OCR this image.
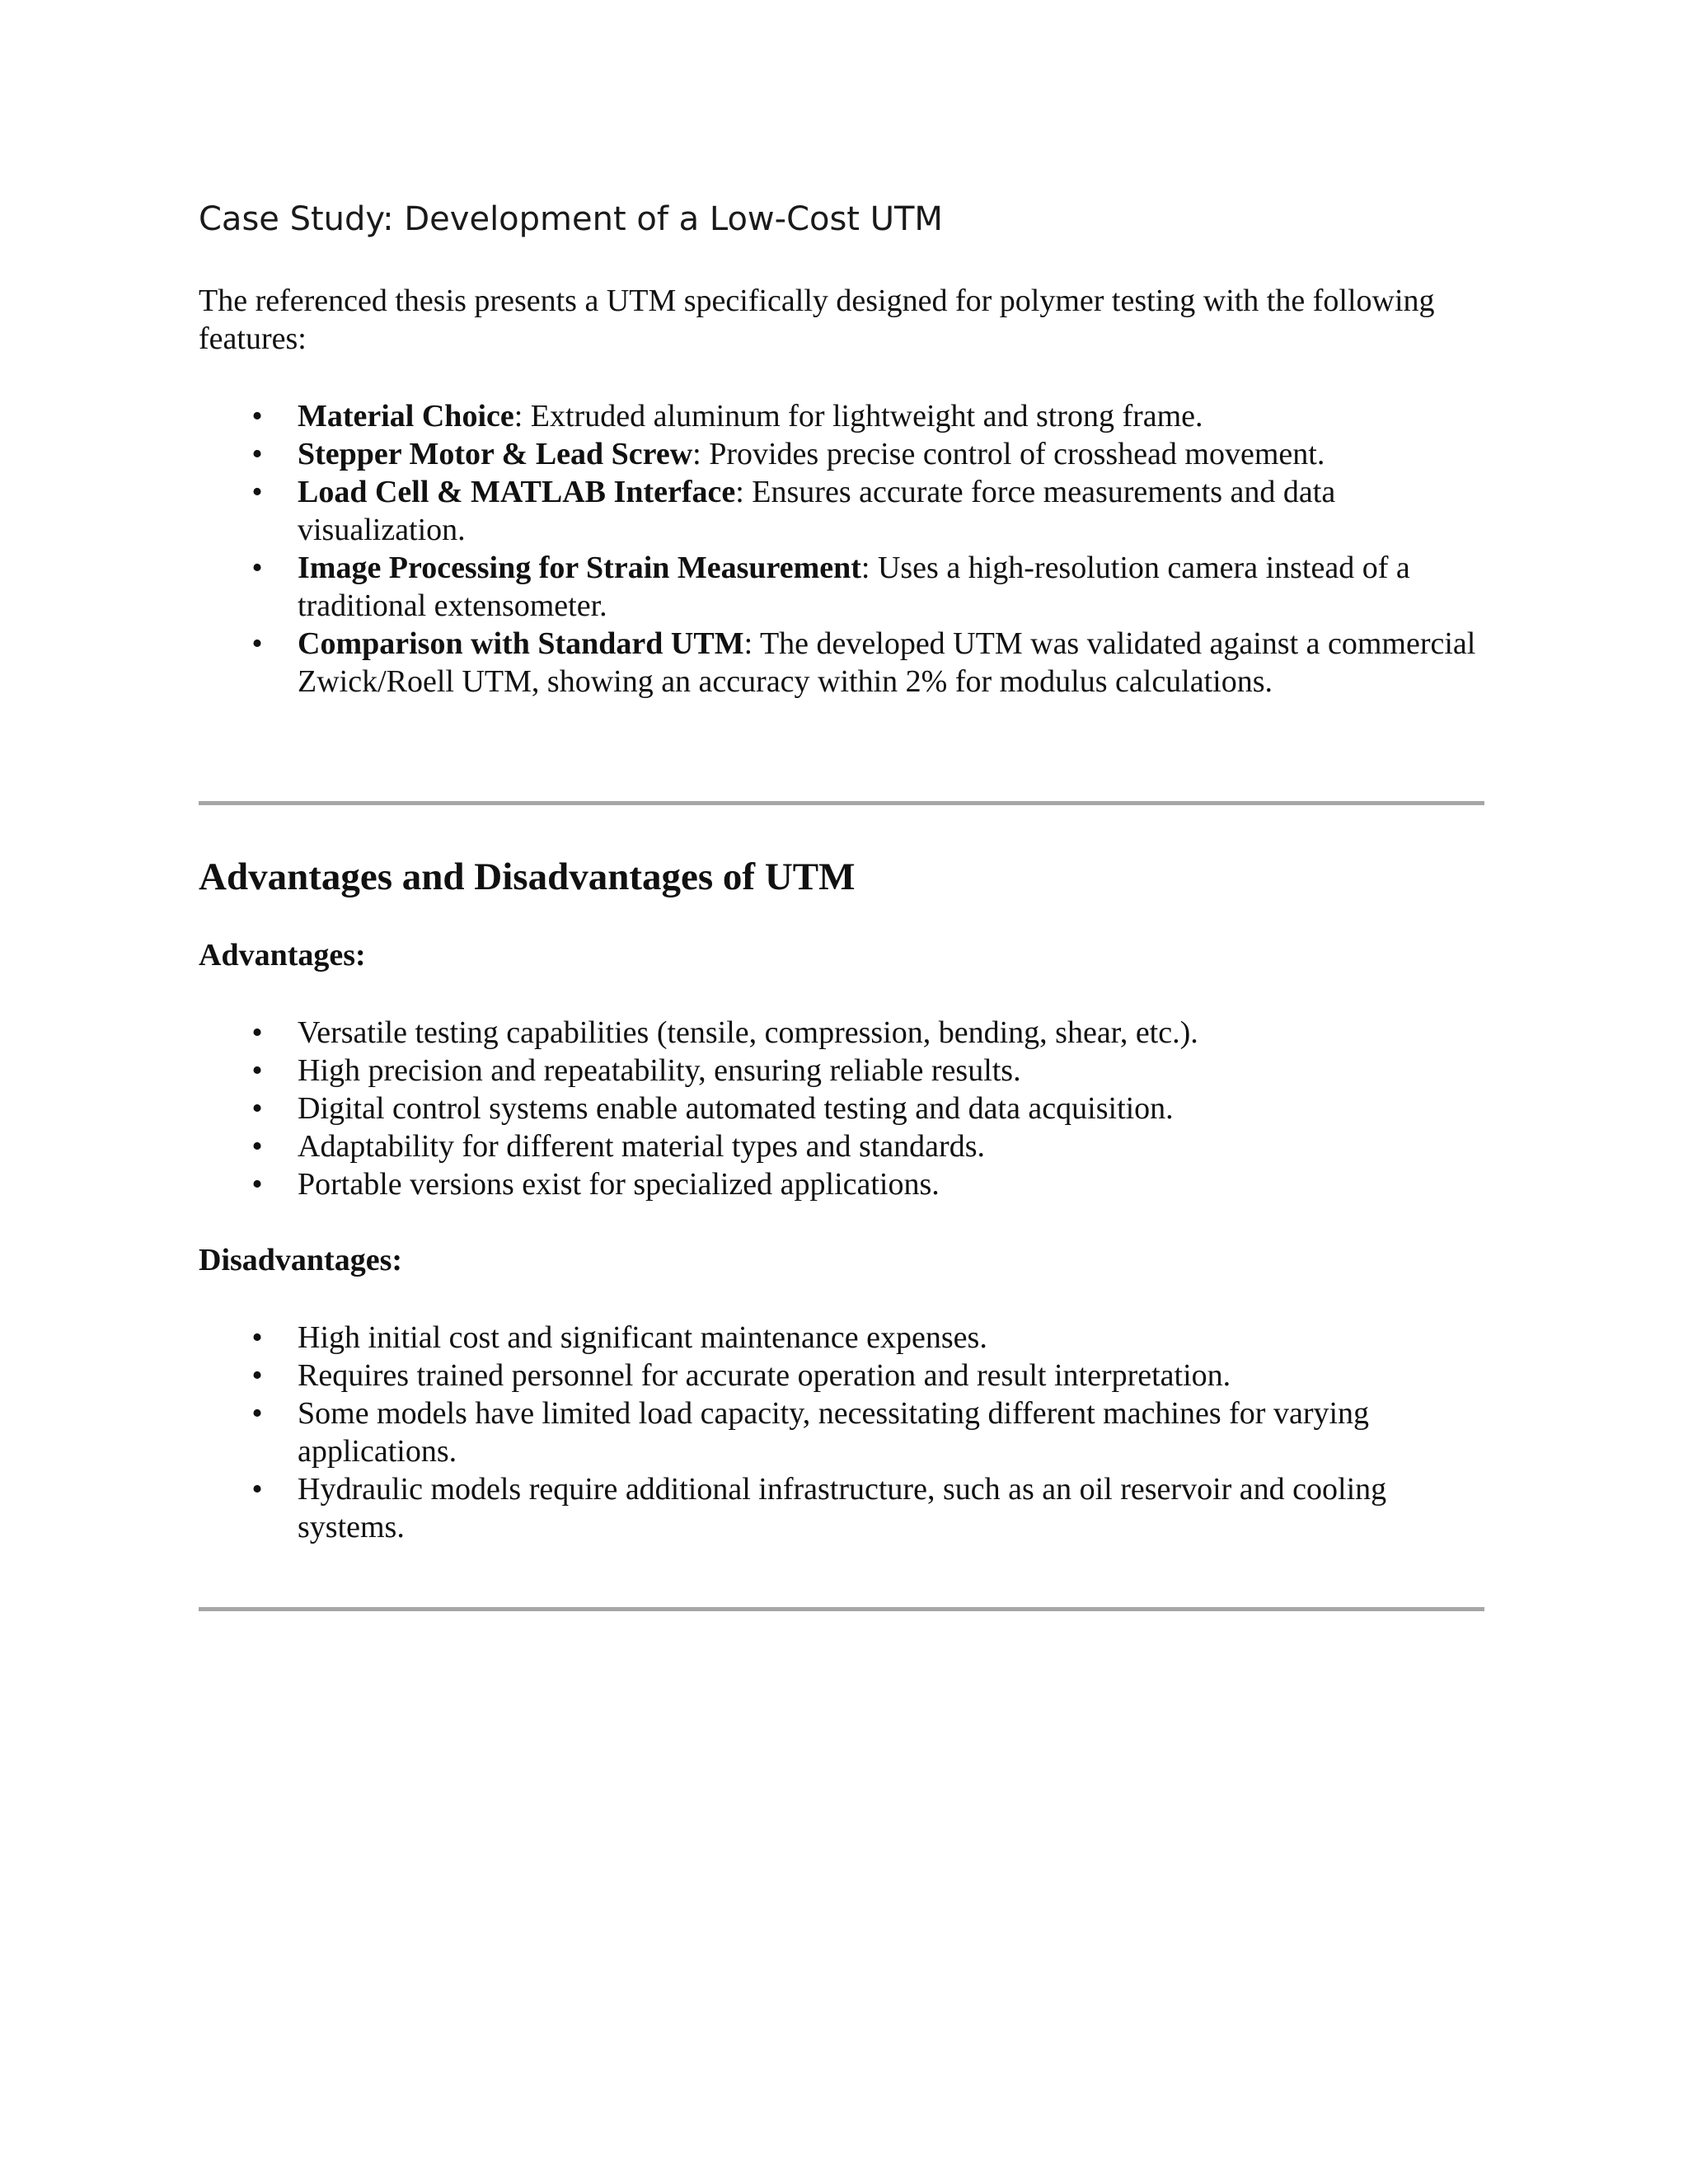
Case Study: Development of a Low-Cost UTM

The referenced thesis presents a UTM specifically designed for polymer testing with the following features:

• Material Choice: Extruded aluminum for lightweight and strong frame.
• Stepper Motor & Lead Screw: Provides precise control of crosshead movement.
• Load Cell & MATLAB Interface: Ensures accurate force measurements and data visualization.
• Image Processing for Strain Measurement: Uses a high-resolution camera instead of a traditional extensometer.
• Comparison with Standard UTM: The developed UTM was validated against a commercial Zwick/Roell UTM, showing an accuracy within 2% for modulus calculations.
Advantages and Disadvantages of UTM
Advantages:
• Versatile testing capabilities (tensile, compression, bending, shear, etc.).
• High precision and repeatability, ensuring reliable results.
• Digital control systems enable automated testing and data acquisition.
• Adaptability for different material types and standards.
• Portable versions exist for specialized applications.
Disadvantages:
• High initial cost and significant maintenance expenses.
• Requires trained personnel for accurate operation and result interpretation.
• Some models have limited load capacity, necessitating different machines for varying applications.
• Hydraulic models require additional infrastructure, such as an oil reservoir and cooling systems.
